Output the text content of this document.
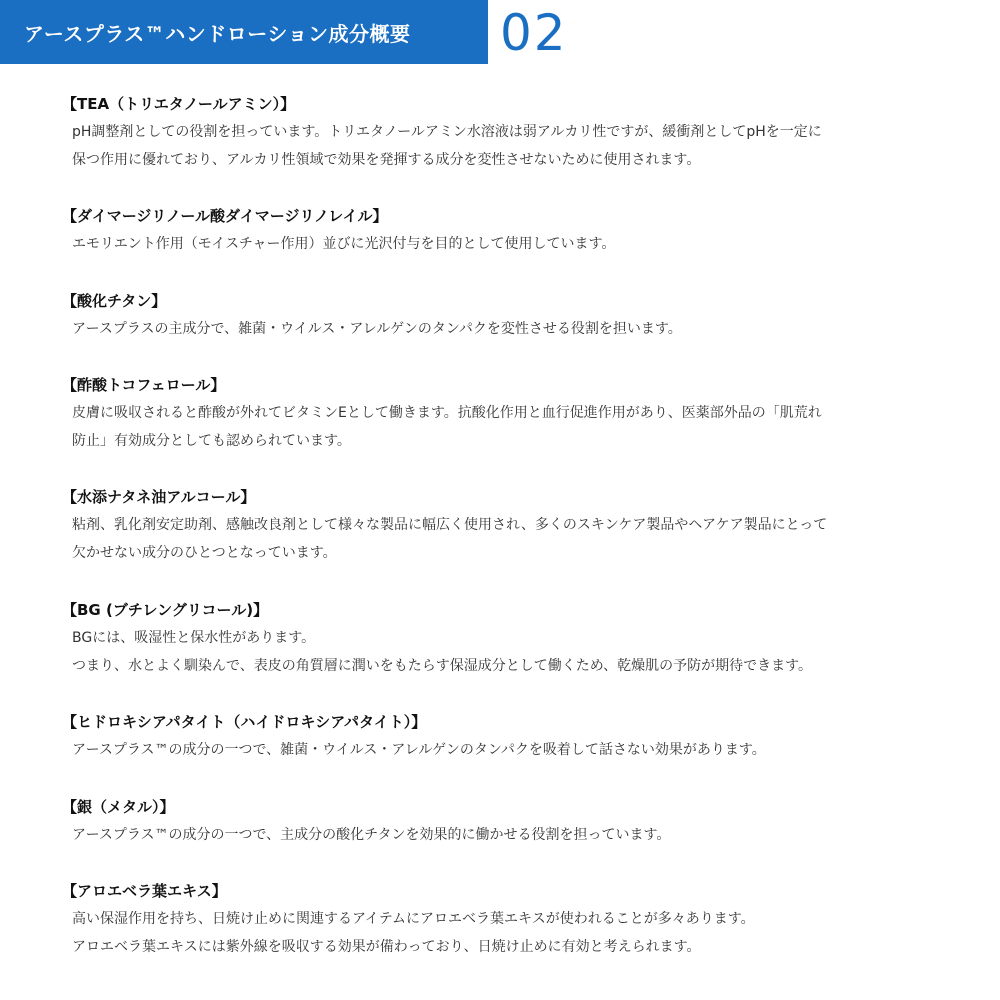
アースプラス™ハンドローション成分概要 02
【TEA（トリエタノールアミン）】
pH調整剤としての役割を担っています。トリエタノールアミン水溶液は弱アルカリ性ですが、緩衝剤としてpHを一定に
保つ作用に優れており、アルカリ性領域で効果を発揮する成分を変性させないために使用されます。
【ダイマージリノール酸ダイマージリノレイル】
エモリエント作用（モイスチャー作用）並びに光沢付与を目的として使用しています。
【酸化チタン】
アースプラスの主成分で、雑菌・ウイルス・アレルゲンのタンパクを変性させる役割を担います。
【酢酸トコフェロール】
皮膚に吸収されると酢酸が外れてビタミンEとして働きます。抗酸化作用と血行促進作用があり、医薬部外品の「肌荒れ
防止」有効成分としても認められています。
【水添ナタネ油アルコール】
粘剤、乳化剤安定助剤、感触改良剤として様々な製品に幅広く使用され、多くのスキンケア製品やヘアケア製品にとって
欠かせない成分のひとつとなっています。
【BG (ブチレングリコール)】
BGには、吸湿性と保水性があります。
つまり、水とよく馴染んで、表皮の角質層に潤いをもたらす保湿成分として働くため、乾燥肌の予防が期待できます。
【ヒドロキシアパタイト（ハイドロキシアパタイト）】
アースプラス™の成分の一つで、雑菌・ウイルス・アレルゲンのタンパクを吸着して話さない効果があります。
【銀（メタル）】
アースプラス™の成分の一つで、主成分の酸化チタンを効果的に働かせる役割を担っています。
【アロエベラ葉エキス】
高い保湿作用を持ち、日焼け止めに関連するアイテムにアロエベラ葉エキスが使われることが多々あります。
アロエベラ葉エキスには紫外線を吸収する効果が備わっており、日焼け止めに有効と考えられます。
